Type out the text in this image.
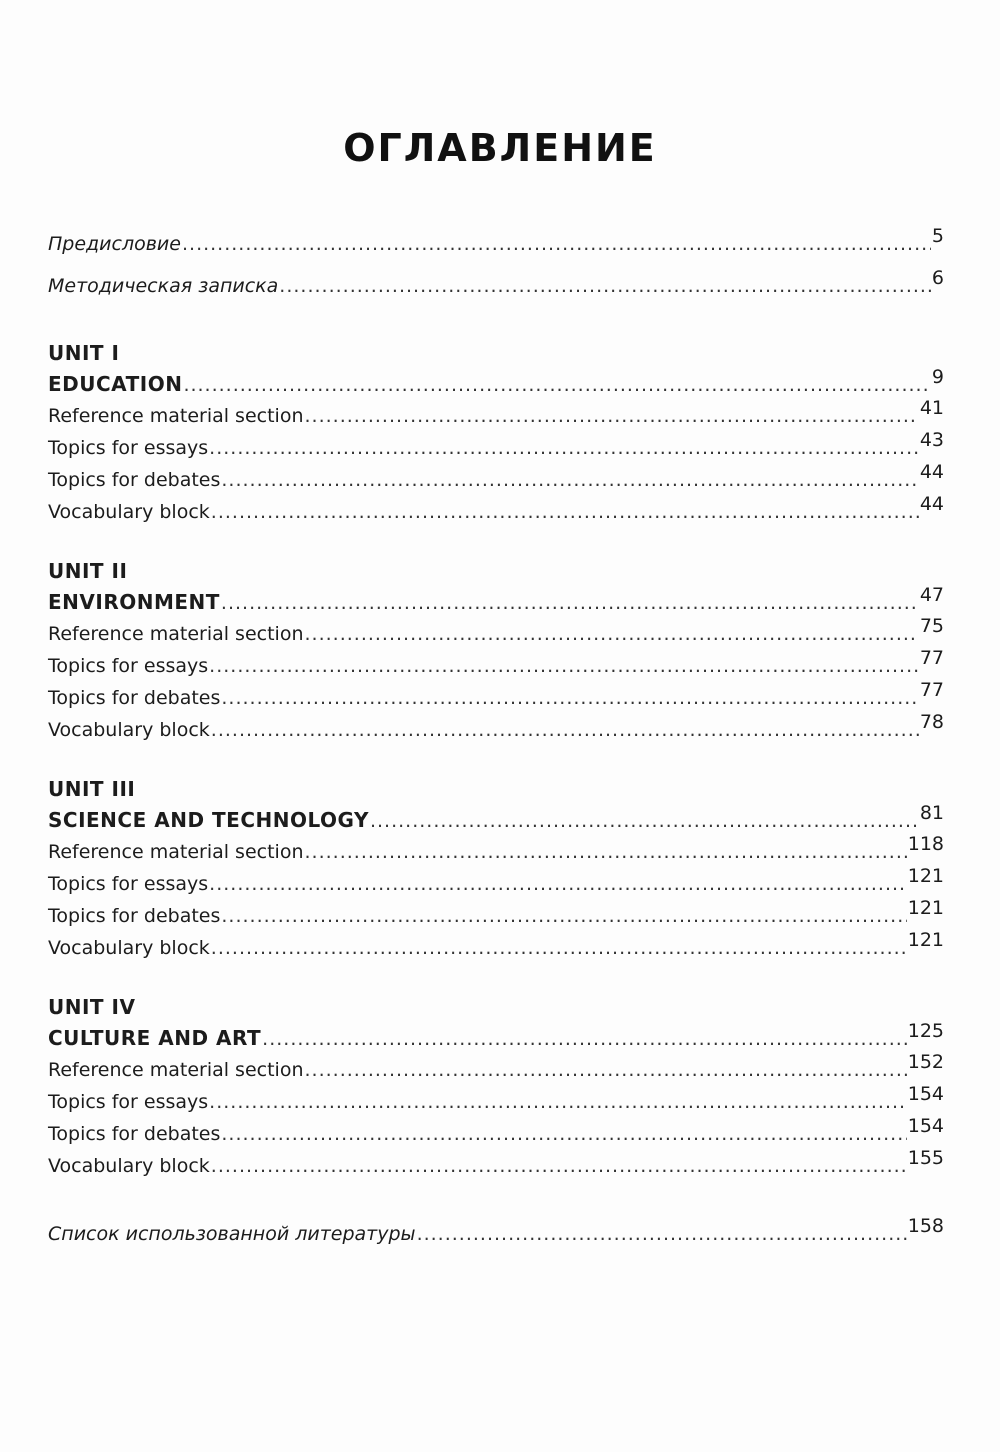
ОГЛАВЛЕНИЕ
Предисловие .....	5
Методическая записка .....	6
UNIT I
EDUCATION .....	9
Reference material section .....	41
Topics for essays .....	43
Topics for debates .....	44
Vocabulary block .....	44
UNIT II
ENVIRONMENT .....	47
Reference material section .....	75
Topics for essays .....	77
Topics for debates .....	77
Vocabulary block .....	78
UNIT III
SCIENCE AND TECHNOLOGY .....	81
Reference material section .....	118
Topics for essays .....	121
Topics for debates .....	121
Vocabulary block .....	121
UNIT IV
CULTURE AND ART .....	125
Reference material section .....	152
Topics for essays .....	154
Topics for debates .....	154
Vocabulary block .....	155
Список использованной литературы .....	158
